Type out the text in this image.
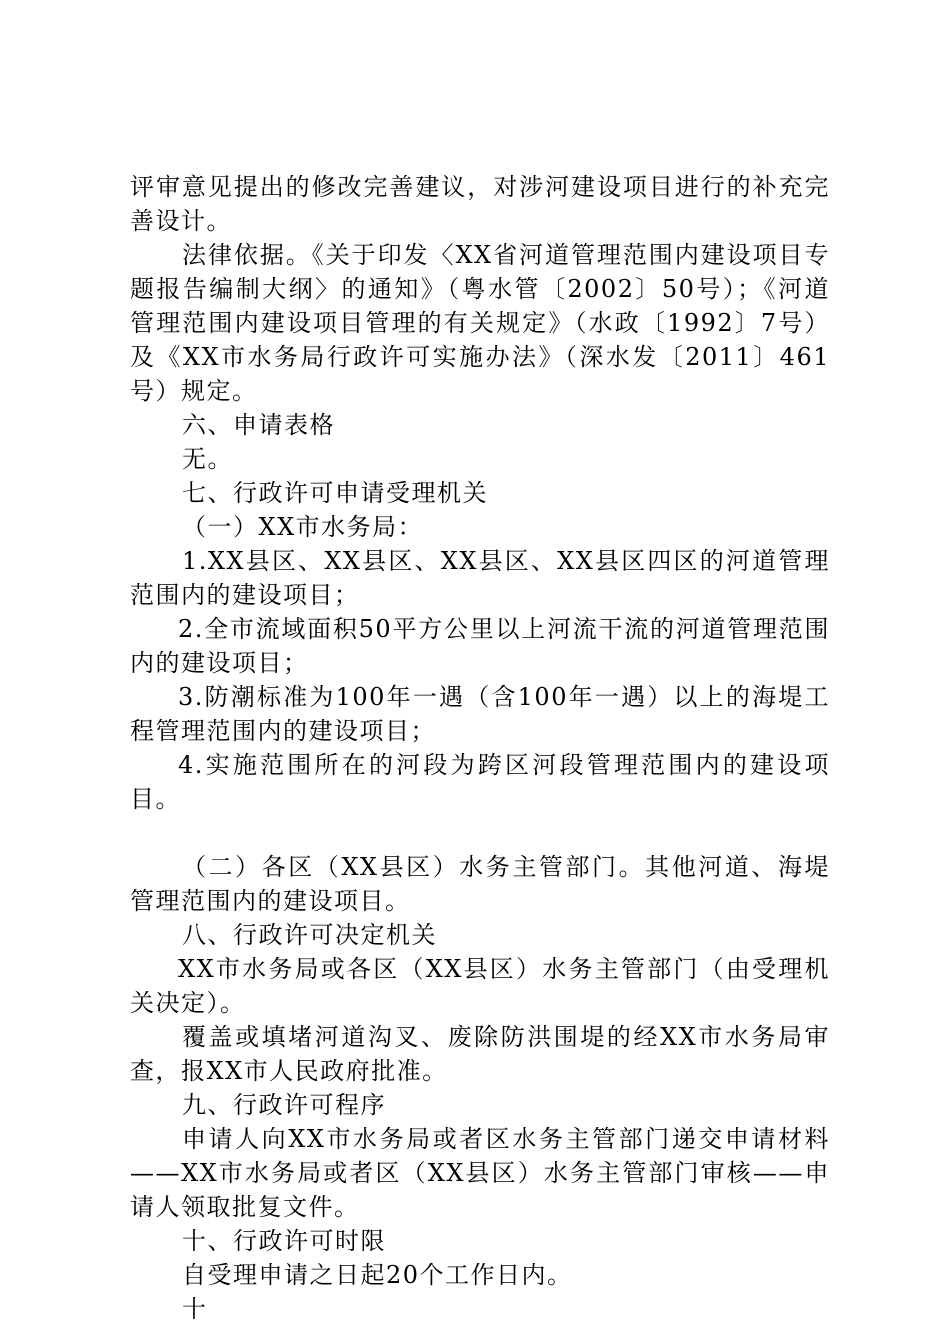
评审意见提出的修改完善建议，对涉河建设项目进行的补充完善设计。

法律依据。《关于印发〈XX省河道管理范围内建设项目专题报告编制大纲〉的通知》（粤水管〔2002〕50号）；《河道管理范围内建设项目管理的有关规定》（水政〔1992〕7号）及《XX市水务局行政许可实施办法》（深水发〔2011〕461号）规定。

六、申请表格

无。

七、行政许可申请受理机关

（一）XX市水务局：

1.XX县区、XX县区、XX县区、XX县区四区的河道管理范围内的建设项目；

2.全市流域面积50平方公里以上河流干流的河道管理范围内的建设项目；

3.防潮标准为100年一遇（含100年一遇）以上的海堤工程管理范围内的建设项目；

4.实施范围所在的河段为跨区河段管理范围内的建设项目。

（二）各区（XX县区）水务主管部门。其他河道、海堤管理范围内的建设项目。

八、行政许可决定机关

XX市水务局或各区（XX县区）水务主管部门（由受理机关决定）。

覆盖或填堵河道沟叉、废除防洪围堤的经XX市水务局审查，报XX市人民政府批准。

九、行政许可程序

申请人向XX市水务局或者区水务主管部门递交申请材料——XX市水务局或者区（XX县区）水务主管部门审核——申请人领取批复文件。

十、行政许可时限

自受理申请之日起20个工作日内。

十
